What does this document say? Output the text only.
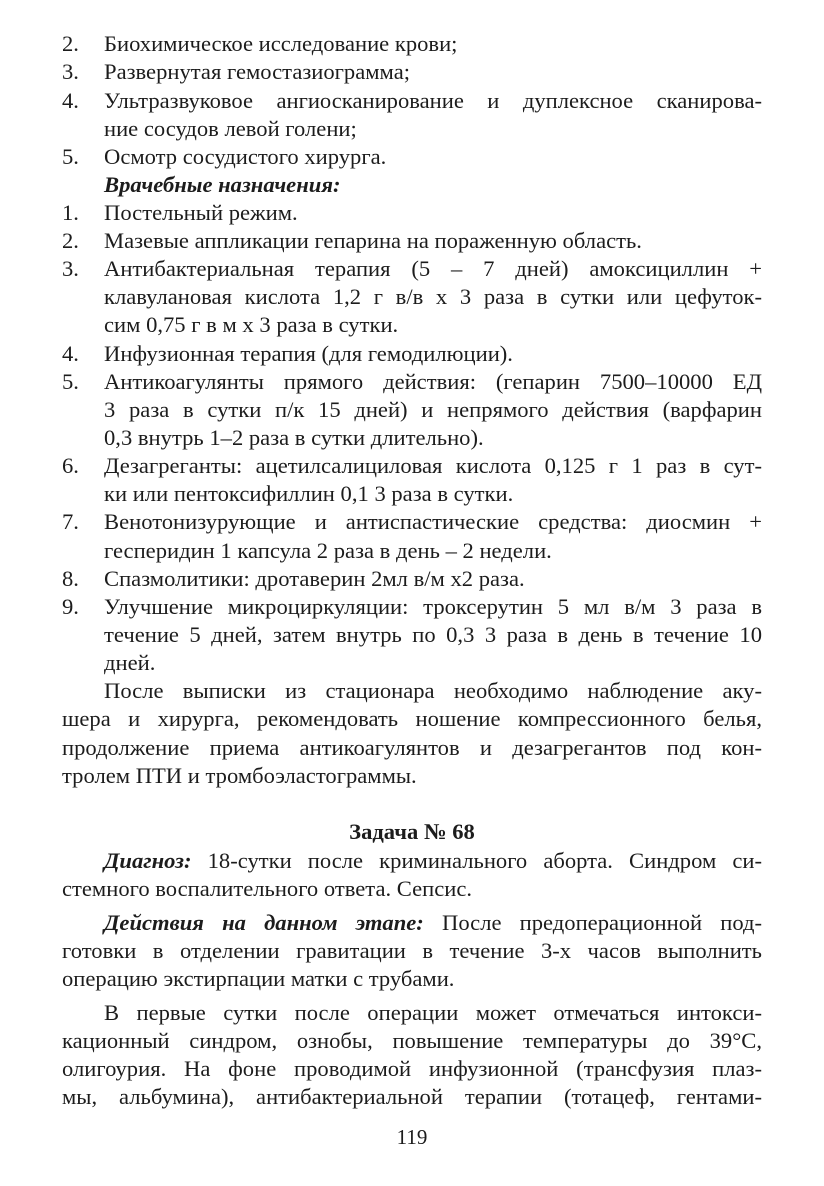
2. Биохимическое исследование крови;
3. Развернутая гемостазиограмма;
4. Ультразвуковое ангиосканирование и дуплексное сканирова-
ние сосудов левой голени;
5. Осмотр сосудистого хирурга.
Врачебные назначения:
1. Постельный режим.
2. Мазевые аппликации гепарина на пораженную область.
3. Антибактериальная терапия (5 – 7 дней) амоксициллин +
клавулановая кислота 1,2 г в/в х 3 раза в сутки или цефуток-
сим 0,75 г в м х 3 раза в сутки.
4. Инфузионная терапия (для гемодилюции).
5. Антикоагулянты прямого действия: (гепарин 7500–10000 ЕД
3 раза в сутки п/к 15 дней) и непрямого действия (варфарин
0,3 внутрь 1–2 раза в сутки длительно).
6. Дезагреганты: ацетилсалициловая кислота 0,125 г 1 раз в сут-
ки или пентоксифиллин 0,1 3 раза в сутки.
7. Венотонизурующие и антиспастические средства: диосмин +
гесперидин 1 капсула 2 раза в день – 2 недели.
8. Спазмолитики: дротаверин 2мл в/м х2 раза.
9. Улучшение микроциркуляции: троксерутин 5 мл в/м 3 раза в
течение 5 дней, затем внутрь по 0,3 3 раза в день в течение 10
дней.
После выписки из стационара необходимо наблюдение аку-
шера и хирурга, рекомендовать ношение компрессионного белья,
продолжение приема антикоагулянтов и дезагрегантов под кон-
тролем ПТИ и тромбоэластограммы.
Задача № 68
Диагноз: 18-сутки после криминального аборта. Синдром си-
стемного воспалительного ответа. Сепсис.
Действия на данном этапе: После предоперационной под-
готовки в отделении гравитации в течение 3-х часов выполнить
операцию экстирпации матки с трубами.
В первые сутки после операции может отмечаться интокси-
кационный синдром, ознобы, повышение температуры до 39°С,
олигоурия. На фоне проводимой инфузионной (трансфузия плаз-
мы, альбумина), антибактериальной терапии (тотацеф, гентами-
119
